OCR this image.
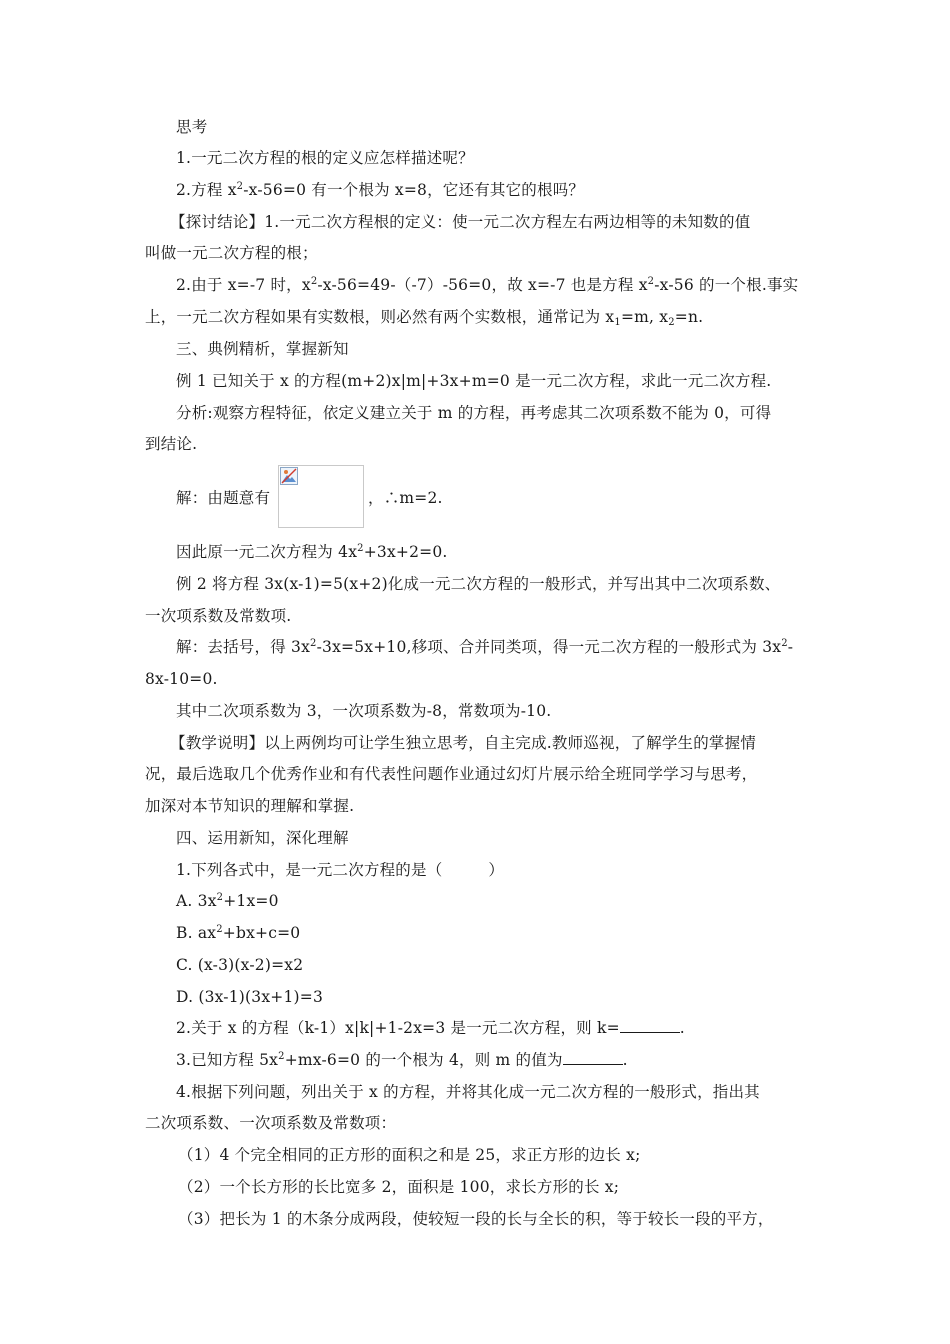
思考
1.一元二次方程的根的定义应怎样描述呢？
2.方程 $x^2-x-56=0$ 有一个根为 x=8，它还有其它的根吗？
【探讨结论】1.一元二次方程根的定义：使一元二次方程左右两边相等的未知数的值
叫做一元二次方程的根；
2.由于 x=-7 时，$x^2-x-56=49-(-7)-56=0$，故 x=-7 也是方程 $x^2-x-56$ 的一个根.事实
上，一元二次方程如果有实数根，则必然有两个实数根，通常记为 $x_1=m$, $x_2=n$.
三、典例精析，掌握新知
例 1 已知关于 x 的方程(m+2)x|m|+3x+m=0 是一元二次方程，求此一元二次方程.
分析:观察方程特征，依定义建立关于 m 的方程，再考虑其二次项系数不能为 0，可得
到结论.
解：由题意有	，∴m=2.
因此原一元二次方程为 $4x^2+3x+2=0$.
例 2 将方程 3x(x-1)=5(x+2)化成一元二次方程的一般形式，并写出其中二次项系数、
一次项系数及常数项.
解：去括号，得 $3x^2-3x=5x+10$,移项、合并同类项，得一元二次方程的一般形式为 $3x^2-$
8x-10=0.
其中二次项系数为 3，一次项系数为-8，常数项为-10.
【教学说明】以上两例均可让学生独立思考，自主完成.教师巡视，了解学生的掌握情
况，最后选取几个优秀作业和有代表性问题作业通过幻灯片展示给全班同学学习与思考，
加深对本节知识的理解和掌握.
四、运用新知，深化理解
1.下列各式中，是一元二次方程的是（	）
A. $3x^2+1x=0$
B. $ax^2+bx+c=0$
C. (x-3)(x-2)=x2
D. (3x-1)(3x+1)=3
2.关于 x 的方程（k-1）x|k|+1-2x=3 是一元二次方程，则 k=	.
3.已知方程 $5x^2+mx-6=0$ 的一个根为 4，则 m 的值为	.
4.根据下列问题，列出关于 x 的方程，并将其化成一元二次方程的一般形式，指出其
二次项系数、一次项系数及常数项：
（1）4 个完全相同的正方形的面积之和是 25，求正方形的边长 x;
（2）一个长方形的长比宽多 2，面积是 100，求长方形的长 x;
（3）把长为 1 的木条分成两段，使较短一段的长与全长的积，等于较长一段的平方，
